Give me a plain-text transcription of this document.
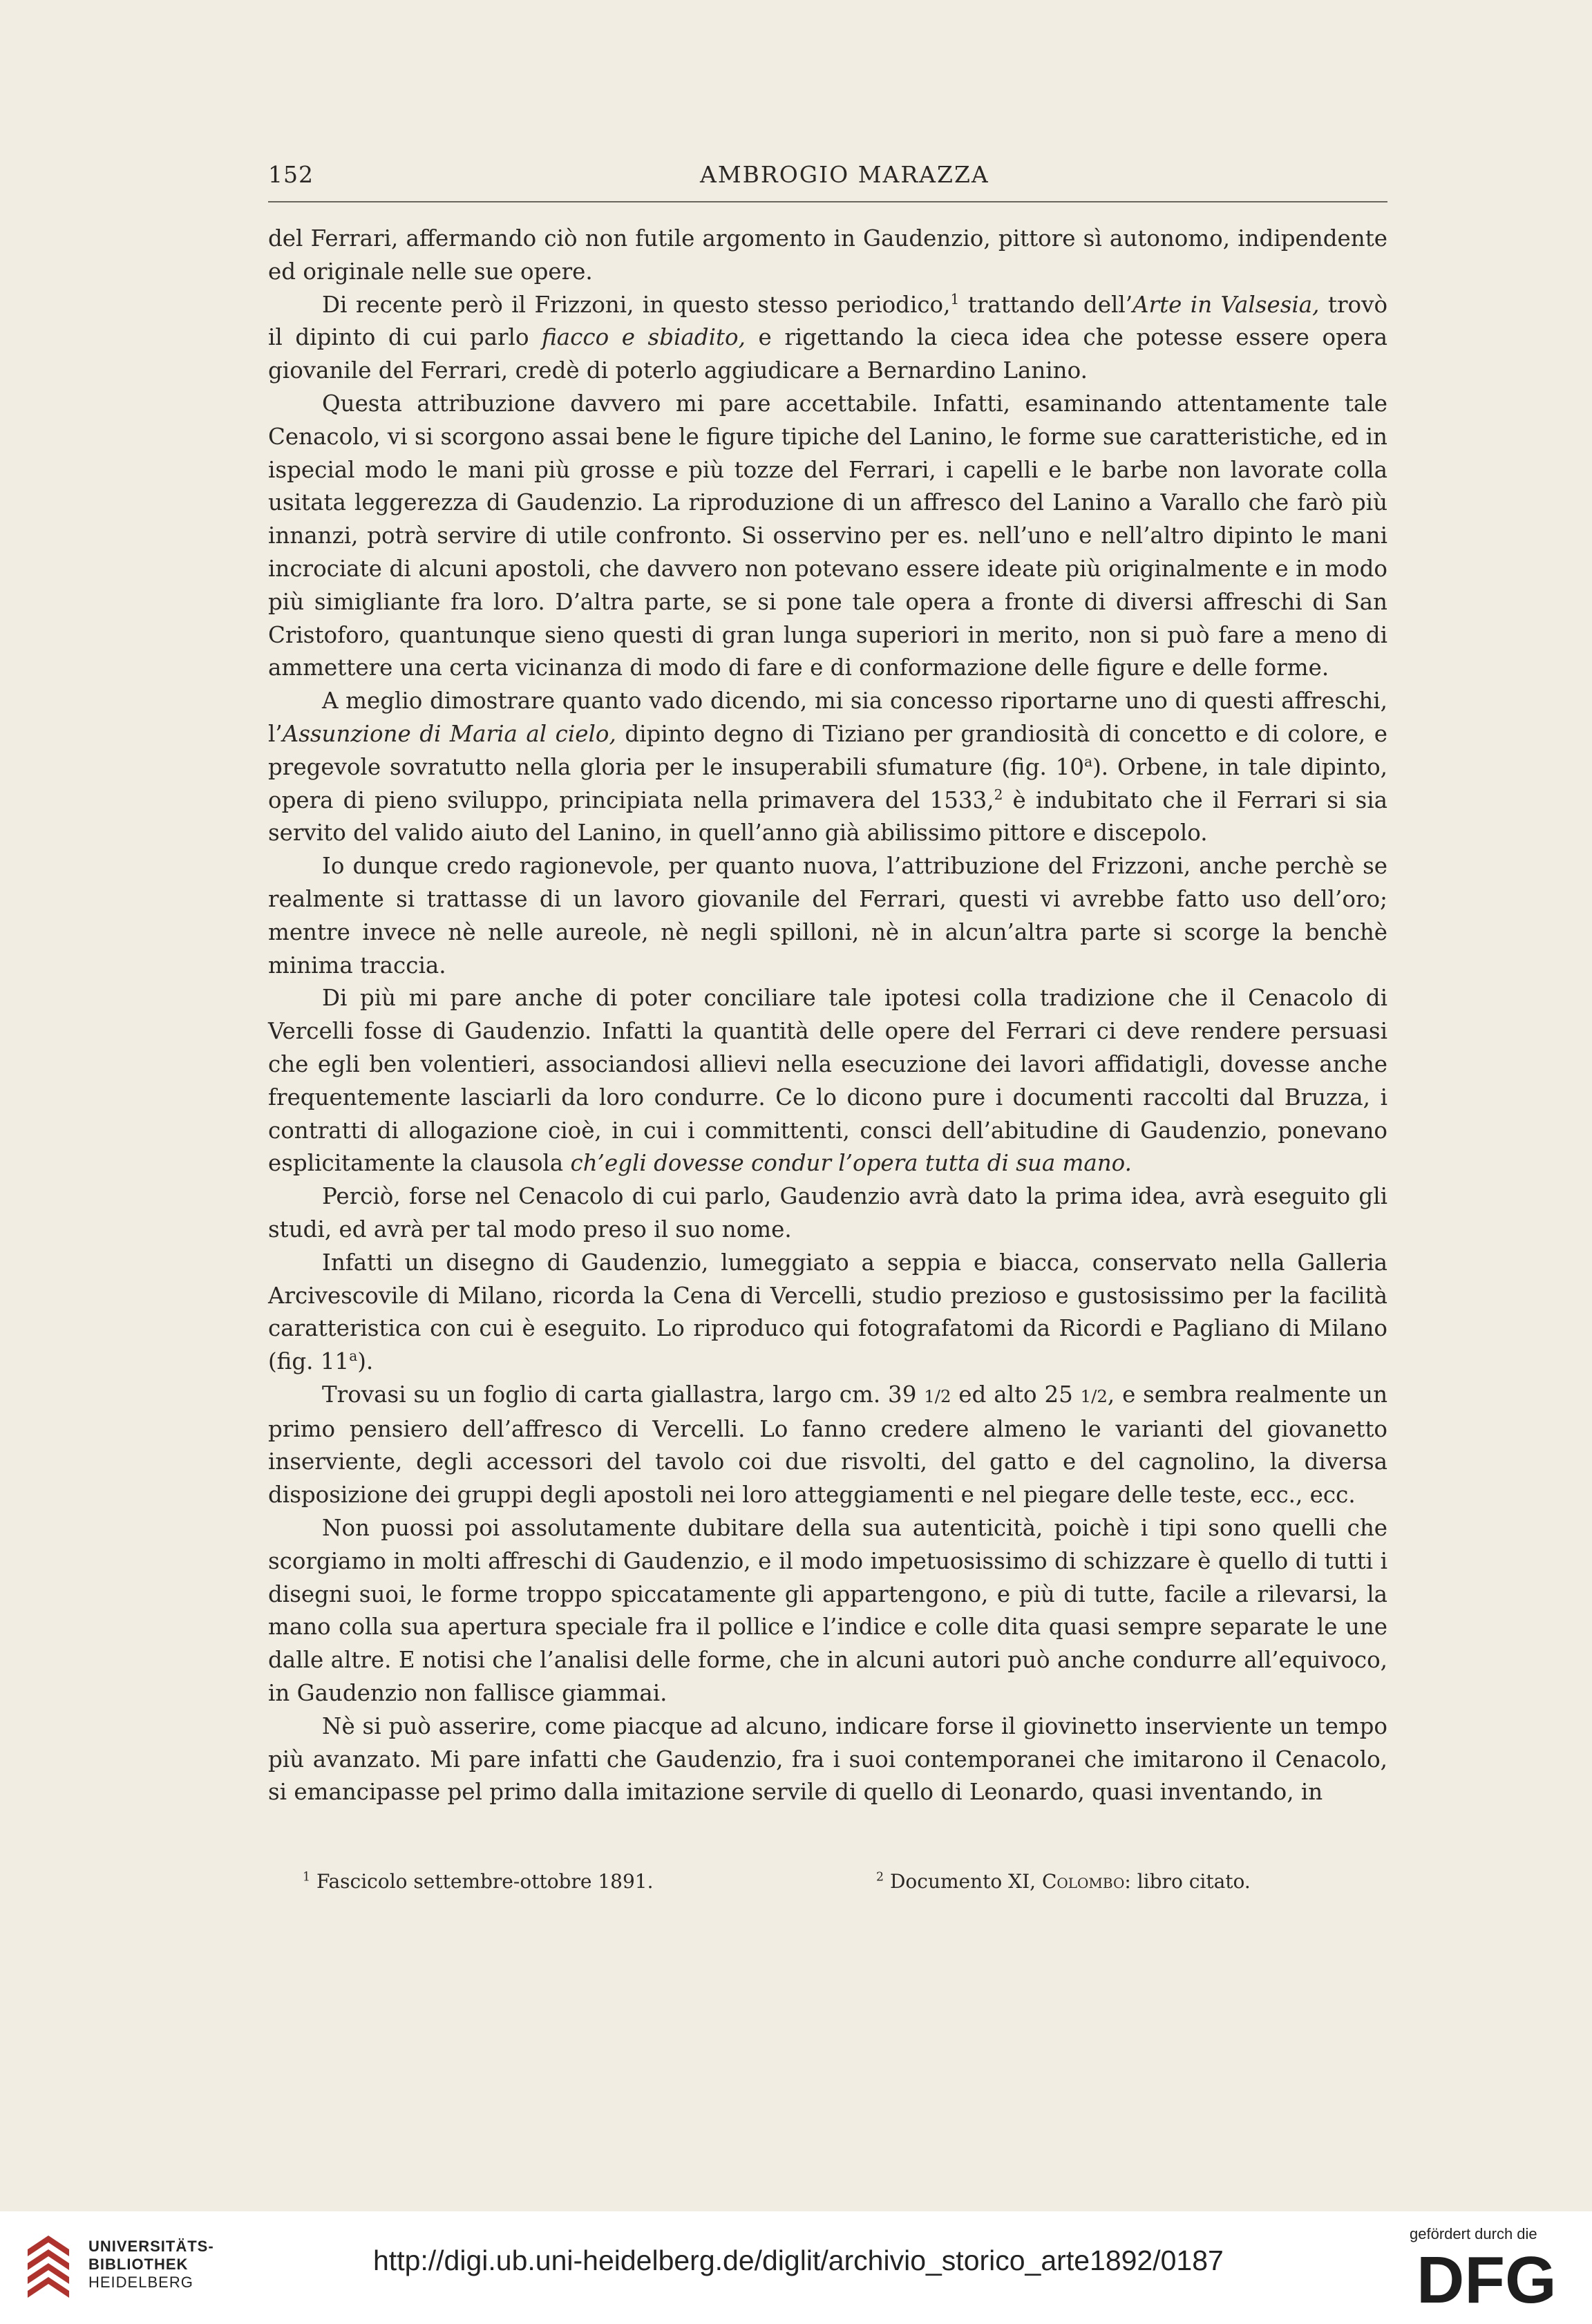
152	AMBROGIO MARAZZA

del Ferrari, affermando ciò non futile argomento in Gaudenzio, pittore sì autonomo, indipendente ed originale nelle sue opere.

Di recente però il Frizzoni, in questo stesso periodico,$^1$ trattando dell’Arte in Valsesia, trovò il dipinto di cui parlo fiacco e sbiadito, e rigettando la cieca idea che potesse essere opera giovanile del Ferrari, credè di poterlo aggiudicare a Bernardino Lanino.

Questa attribuzione davvero mi pare accettabile. Infatti, esaminando attentamente tale Cenacolo, vi si scorgono assai bene le figure tipiche del Lanino, le forme sue caratteristiche, ed in ispecial modo le mani più grosse e più tozze del Ferrari, i capelli e le barbe non lavorate colla usitata leggerezza di Gaudenzio. La riproduzione di un affresco del Lanino a Varallo che farò più innanzi, potrà servire di utile confronto. Si osservino per es. nell’uno e nell’altro dipinto le mani incrociate di alcuni apostoli, che davvero non potevano essere ideate più originalmente e in modo più simigliante fra loro. D’altra parte, se si pone tale opera a fronte di diversi affreschi di San Cristoforo, quantunque sieno questi di gran lunga superiori in merito, non si può fare a meno di ammettere una certa vicinanza di modo di fare e di conformazione delle figure e delle forme.

A meglio dimostrare quanto vado dicendo, mi sia concesso riportarne uno di questi affreschi, l’Assunzione di Maria al cielo, dipinto degno di Tiziano per grandiosità di concetto e di colore, e pregevole sovratutto nella gloria per le insuperabili sfumature (fig. 10$^a$). Orbene, in tale dipinto, opera di pieno sviluppo, principiata nella primavera del 1533,$^2$ è indubitato che il Ferrari si sia servito del valido aiuto del Lanino, in quell’anno già abilissimo pittore e discepolo.

Io dunque credo ragionevole, per quanto nuova, l’attribuzione del Frizzoni, anche perchè se realmente si trattasse di un lavoro giovanile del Ferrari, questi vi avrebbe fatto uso dell’oro; mentre invece nè nelle aureole, nè negli spilloni, nè in alcun’altra parte si scorge la benchè minima traccia.

Di più mi pare anche di poter conciliare tale ipotesi colla tradizione che il Cenacolo di Vercelli fosse di Gaudenzio. Infatti la quantità delle opere del Ferrari ci deve rendere persuasi che egli ben volentieri, associandosi allievi nella esecuzione dei lavori affidatigli, dovesse anche frequentemente lasciarli da loro condurre. Ce lo dicono pure i documenti raccolti dal Bruzza, i contratti di allogazione cioè, in cui i committenti, consci dell’abitudine di Gaudenzio, ponevano esplicitamente la clausola ch’egli dovesse condur l’opera tutta di sua mano.

Perciò, forse nel Cenacolo di cui parlo, Gaudenzio avrà dato la prima idea, avrà eseguito gli studi, ed avrà per tal modo preso il suo nome.

Infatti un disegno di Gaudenzio, lumeggiato a seppia e biacca, conservato nella Galleria Arcivescovile di Milano, ricorda la Cena di Vercelli, studio prezioso e gustosissimo per la facilità caratteristica con cui è eseguito. Lo riproduco qui fotografatomi da Ricordi e Pagliano di Milano (fig. 11$^a$).

Trovasi su un foglio di carta giallastra, largo cm. 39 1/2 ed alto 25 1/2, e sembra realmente un primo pensiero dell’affresco di Vercelli. Lo fanno credere almeno le varianti del giovanetto inserviente, degli accessori del tavolo coi due risvolti, del gatto e del cagnolino, la diversa disposizione dei gruppi degli apostoli nei loro atteggiamenti e nel piegare delle teste, ecc., ecc.

Non puossi poi assolutamente dubitare della sua autenticità, poichè i tipi sono quelli che scorgiamo in molti affreschi di Gaudenzio, e il modo impetuosissimo di schizzare è quello di tutti i disegni suoi, le forme troppo spiccatamente gli appartengono, e più di tutte, facile a rilevarsi, la mano colla sua apertura speciale fra il pollice e l’indice e colle dita quasi sempre separate le une dalle altre. E notisi che l’analisi delle forme, che in alcuni autori può anche condurre all’equivoco, in Gaudenzio non fallisce giammai.

Nè si può asserire, come piacque ad alcuno, indicare forse il giovinetto inserviente un tempo più avanzato. Mi pare infatti che Gaudenzio, fra i suoi contemporanei che imitarono il Cenacolo, si emancipasse pel primo dalla imitazione servile di quello di Leonardo, quasi inventando, in

$^1$ Fascicolo settembre-ottobre 1891.	$^2$ Documento XI, Colombo: libro citato.
UNIVERSITÄTS-
BIBLIOTHEK
HEIDELBERG
http://digi.ub.uni-heidelberg.de/diglit/archivio_storico_arte1892/0187
gefördert durch die
DFG
